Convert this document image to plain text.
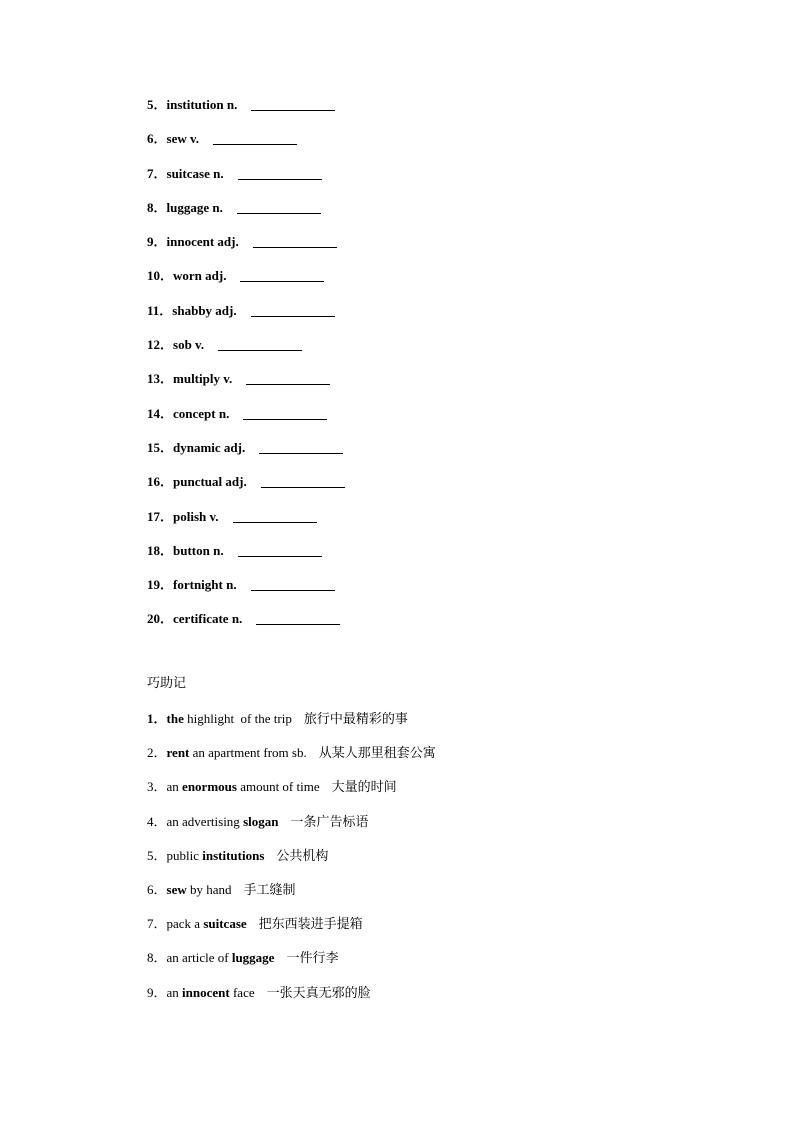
5． institution n.
6． sew v.
7． suitcase n.
8． luggage n.
9． innocent adj.
10． worn adj.
11． shabby adj.
12． sob v.
13． multiply v.
14． concept n.
15． dynamic adj.
16． punctual adj.
17． polish v.
18． button n.
19． fortnight n.
20． certificate n.
巧助记
1．the highlight  of the trip 旅行中最精彩的事
2．rent an apartment from sb. 从某人那里租套公寓
3．an enormous amount of time 大量的时间
4．an advertising slogan 一条广告标语
5．public institutions 公共机构
6．sew by hand 手工缝制
7．pack a suitcase 把东西装进手提箱
8．an article of luggage 一件行李
9．an innocent face 一张天真无邪的脸
